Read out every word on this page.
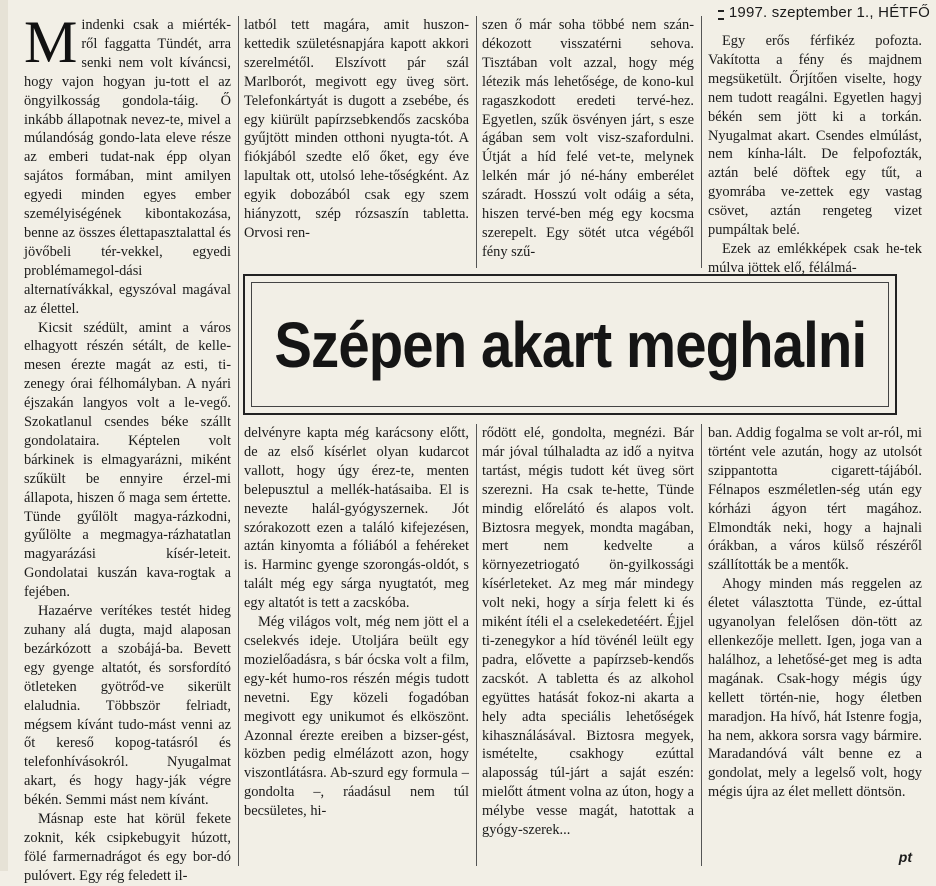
1997. szeptember 1., HÉTFŐ

Mindenki csak a miérték-ről faggatta Tündét, arra senki nem volt kíváncsi, hogy vajon hogyan ju-tott el az öngyilkosság gondola-táig. Ő inkább állapotnak nevez-te, mivel a múlandóság gondo-lata eleve része az emberi tudat-nak épp olyan sajátos formában, mint amilyen egyedi minden egyes ember személyiségének kibontakozása, benne az összes élettapasztalattal és jövőbeli tér-vekkel, egyedi problémamegol-dási alternatívákkal, egyszóval magával az élettel.

Kicsit szédült, amint a város elhagyott részén sétált, de kelle-mesen érezte magát az esti, ti-zenegy órai félhomályban. A nyári éjszakán langyos volt a le-vegő. Szokatlanul csendes béke szállt gondolataira. Képtelen volt bárkinek is elmagyarázni, miként szűkült be ennyire érzel-mi állapota, hiszen ő maga sem értette. Tünde gyűlölt magya-rázkodni, gyűlölte a megmagya-rázhatatlan magyarázási kísér-leteit. Gondolatai kuszán kava-rogtak a fejében.

Hazaérve verítékes testét hideg zuhany alá dugta, majd alaposan bezárkózott a szobájá-ba. Bevett egy gyenge altatót, és sorsfordító ötleteken gyötrőd-ve sikerült elaludnia. Többször felriadt, mégsem kívánt tudo-mást venni az őt kereső kopog-tatásról és telefonhívásokról. Nyugalmat akart, és hogy hagy-ják végre békén. Semmi mást nem kívánt.

Másnap este hat körül fekete zoknit, kék csipkebugyit húzott, fölé farmernadrágot és egy bor-dó pulóvert. Egy rég feledett il-

latból tett magára, amit huszon-kettedik születésnapjára kapott akkori szerelmétől. Elszívott pár szál Marlborót, megivott egy üveg sört. Telefonkártyát is dugott a zsebébe, és egy kiürült papírzsebkendős zacskóba gyűjtött minden otthoni nyugta-tót. A fiókjából szedte elő őket, egy éve lapultak ott, utolsó lehe-tőségként. Az egyik dobozából csak egy szem hiányzott, szép rózsaszín tabletta. Orvosi ren-

szen ő már soha többé nem szán-dékozott visszatérni sehova. Tisztában volt azzal, hogy még létezik más lehetősége, de kono-kul ragaszkodott eredeti tervé-hez. Egyetlen, szűk ösvényen járt, s esze ágában sem volt visz-szafordulni. Útját a híd felé vet-te, melynek lelkén már jó né-hány emberélet száradt. Hosszú volt odáig a séta, hiszen tervé-ben még egy kocsma szerepelt. Egy sötét utca végéből fény szű-

Egy erős férfikéz pofozta. Vakította a fény és majdnem megsüketült. Őrjítően viselte, hogy nem tudott reagálni. Egyetlen hagyj békén sem jött ki a torkán. Nyugalmat akart. Csendes elmúlást, nem kínha-lált. De felpofozták, aztán belé döftek egy tűt, a gyomrába ve-zettek egy vastag csövet, aztán rengeteg vizet pumpáltak belé.

Ezek az emlékképek csak he-tek múlva jöttek elő, félálmá-

Szépen akart meghalni

delvényre kapta még karácsony előtt, de az első kísérlet olyan kudarcot vallott, hogy úgy érez-te, menten belepusztul a mellék-hatásaiba. El is nevezte halál-gyógyszernek. Jót szórakozott ezen a találó kifejezésen, aztán kinyomta a fóliából a fehéreket is. Harminc gyenge szorongás-oldót, s talált még egy sárga nyugtatót, meg egy altatót is tett a zacskóba.

Még világos volt, még nem jött el a cselekvés ideje. Utoljára beült egy mozielőadásra, s bár ócska volt a film, egy-két humo-ros részén mégis tudott nevetni. Egy közeli fogadóban megivott egy unikumot és elköszönt. Azonnal érezte ereiben a bizser-gést, közben pedig elmélázott azon, hogy viszontlátásra. Ab-szurd egy formula – gondolta –, ráadásul nem túl becsületes, hi-

rődött elé, gondolta, megnézi. Bár már jóval túlhaladta az idő a nyitva tartást, mégis tudott két üveg sört szerezni. Ha csak te-hette, Tünde mindig előrelátó és alapos volt. Biztosra megyek, mondta magában, mert nem kedvelte a környezetriogató ön-gyilkossági kísérleteket. Az meg már mindegy volt neki, hogy a sírja felett ki és miként ítéli el a cselekedetéért. Éjjel ti-zenegykor a híd tövénél leült egy padra, elővette a papírzseb-kendős zacskót. A tabletta és az alkohol együttes hatását fokoz-ni akarta a hely adta speciális lehetőségek kihasználásával. Biztosra megyek, ismételte, csakhogy ezúttal alaposság túl-járt a saját eszén: mielőtt átment volna az úton, hogy a mélybe vesse magát, hatottak a gyógy-szerek...

ban. Addig fogalma se volt ar-ról, mi történt vele azután, hogy az utolsót szippantotta cigarett-tájából. Félnapos eszméletlen-ség után egy kórházi ágyon tért magához. Elmondták neki, hogy a hajnali órákban, a város külső részéről szállították be a mentők.

Ahogy minden más reggelen az életet választotta Tünde, ez-úttal ugyanolyan felelősen dön-tött az ellenkezője mellett. Igen, joga van a halálhoz, a lehetősé-get meg is adta magának. Csak-hogy mégis úgy kellett történ-nie, hogy életben maradjon. Ha hívő, hát Istenre fogja, ha nem, akkora sorsra vagy bármire. Maradandóvá vált benne ez a gondolat, mely a legelső volt, hogy mégis újra az élet mellett döntsön.

pt
